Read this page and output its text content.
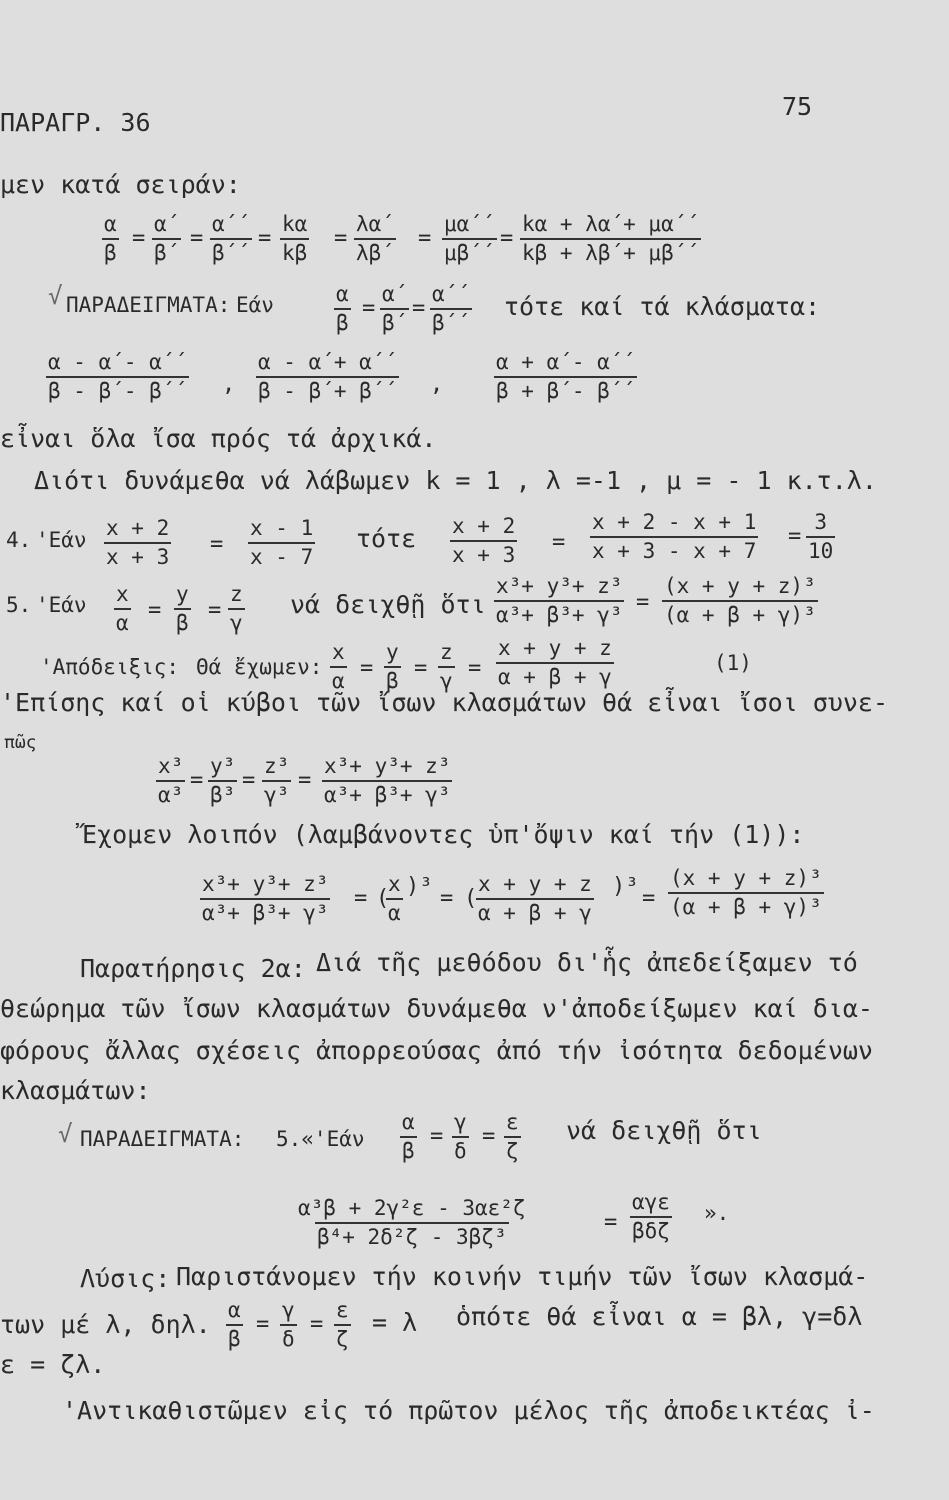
ΠΑΡΑΓΡ. 36
75
μεν κατά σειράν:
$\frac{\alpha}{\beta} = \frac{\alpha΄}{\beta΄} = \frac{\alpha΄΄}{\beta΄΄} = \frac{k\alpha}{k\beta} = \frac{\lambda\alpha΄}{\lambda\beta΄} = \frac{\mu\alpha΄΄}{\mu\beta΄΄} = \frac{k\alpha + \lambda\alpha΄+ \mu\alpha΄΄}{k\beta + \lambda\beta΄+ \mu\beta΄΄}$
√ ΠΑΡΑΔΕΙΓΜΑΤΑ: Εάν	$\frac{\alpha}{\beta} = \frac{\alpha΄}{\beta΄} = \frac{\alpha΄΄}{\beta΄΄}$ τότε καί τά κλάσματα:
$\frac{\alpha - \alpha΄- \alpha΄΄}{\beta - \beta΄- \beta΄΄}$ , $\frac{\alpha - \alpha΄+ \alpha΄΄}{\beta - \beta΄+ \beta΄΄}$ , $\frac{\alpha + \alpha΄- \alpha΄΄}{\beta + \beta΄- \beta΄΄}$
εἶναι ὅλα ἴσα πρός τά ἀρχικά.
Διότι δυνάμεθα νά λάβωμεν k = 1 , λ =-1 , μ = - 1 κ.τ.λ.
4. '$Eά\nu \frac{x + 2}{x + 3} = \frac{x - 1}{x - 7}$ τότε $\frac{x + 2}{x + 3} = \frac{x + 2 - x + 1}{x + 3 - x + 7} = \frac{3}{10}$
5. '$Eά\nu \frac{x}{\alpha} = \frac{y}{\beta} = \frac{z}{\gamma}$ νά δειχθῇ ὅτι $\frac{\text{x³+ y³+ z³}}{\text{α³+ β³+ γ³}} = \frac{\text{(x + y + z)³}}{\text{(α + β + γ)³}}$
'Απόδειξις: Θά ἔχωμεν: $\frac{x}{\alpha} = \frac{y}{\beta} = \frac{z}{\gamma} = \frac{x + y + z}{\alpha + \beta + \gamma}$	(1)
'Επίσης καί οἱ κύβοι τῶν ἴσων κλασμάτων θά εἶναι ἴσοι συνε-
πῶς
$\frac{\text{x³}}{\text{α³}} = \frac{\text{y³}}{\text{β³}} = \frac{\text{z³}}{\text{γ³}} = \frac{\text{x³+ y³+ z³}}{\text{α³+ β³+ γ³}}$
Ἔχομεν λοιπόν (λαμβάνοντες ὑπ'ὄψιν καί τήν (1)):
$\frac{\text{x³+ y³+ z³}}{\text{α³+ β³+ γ³}}$ = (
$\frac{x}{\alpha} )^3$ = (
$\frac{x + y + z}{\alpha + \beta + \gamma} )^3 = \frac{\text{(x + y + z)³}}{\text{(α + β + γ)³}}$
Παρατήρησις 2α: Διά τῆς μεθόδου δι'ἧς ἀπεδείξαμεν τό
θεώρημα τῶν ἴσων κλασμάτων δυνάμεθα ν'ἀποδείξωμεν καί δια-
φόρους ἄλλας σχέσεις ἀπορρεούσας ἀπό τήν ἰσότητα δεδομένων
κλασμάτων:
√ ΠΑΡΑΔΕΙΓΜΑΤΑ: 5.«'Εάν $\frac{\alpha}{\beta} = \frac{\gamma}{\delta} = \frac{\varepsilon}{\zeta}$ νά δειχθῇ ὅτι
$\frac{\text{α³β + 2γ²ε - 3αε²ζ}}{\text{β⁴+ 2δ²ζ - 3βζ³}}$	=
αγε
βδζ
».
Λύσις: Παριστάνομεν τήν κοινήν τιμήν τῶν ἴσων κλασμά-
των μέ λ, δηλ. $\frac{\alpha}{\beta} = \frac{\gamma}{\delta} = \frac{\varepsilon}{\zeta} = \lambda$ ὁπότε θά εἶναι α = βλ, γ=δλ
ε = ζλ.
'Αντικαθιστῶμεν εἰς τό πρῶτον μέλος τῆς ἀποδεικτέας ἰ-
